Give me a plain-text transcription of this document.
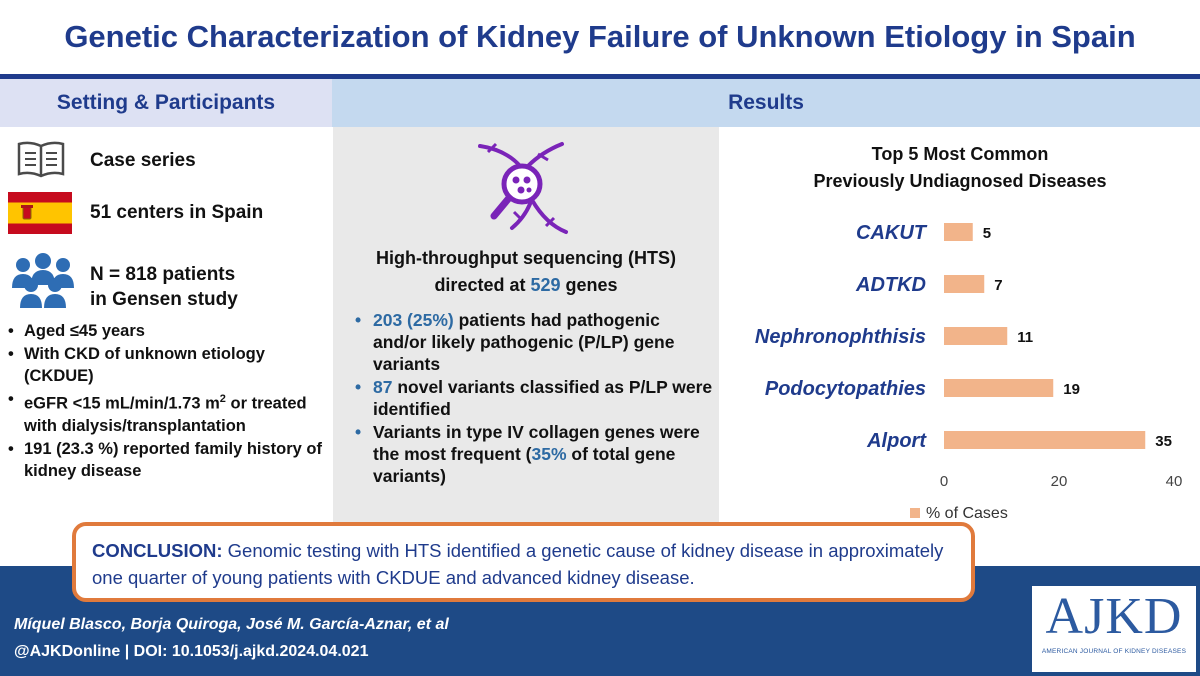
Genetic Characterization of Kidney Failure of Unknown Etiology in Spain
Setting & Participants	Results
Case series
51 centers in Spain
N = 818 patients
in Gensen study
• Aged ≤45 years
• With CKD of unknown etiology (CKDUE)
• eGFR <15 mL/min/1.73 $m^2$ or treated with dialysis/transplantation
• 191 (23.3 %) reported family history of kidney disease
High-throughput sequencing (HTS)
directed at 529 genes
• 203 (25%) patients had pathogenic and/or likely pathogenic (P/LP) gene variants
• 87 novel variants classified as P/LP were identified
• Variants in type IV collagen genes were the most frequent (35% of total gene variants)
Top 5 Most Common
Previously Undiagnosed Diseases
CAKUT	5
ADTKD	7
Nephronophthisis	11
Podocytopathies	19
Alport	35
0	20	40
% of Cases
CONCLUSION: Genomic testing with HTS identified a genetic cause of kidney disease in approximately one quarter of young patients with CKDUE and advanced kidney disease.
Míquel Blasco, Borja Quiroga, José M. García-Aznar, et al
@AJKDonline | DOI: 10.1053/j.ajkd.2024.04.021
AJKD
AMERICAN JOURNAL OF KIDNEY DISEASES
